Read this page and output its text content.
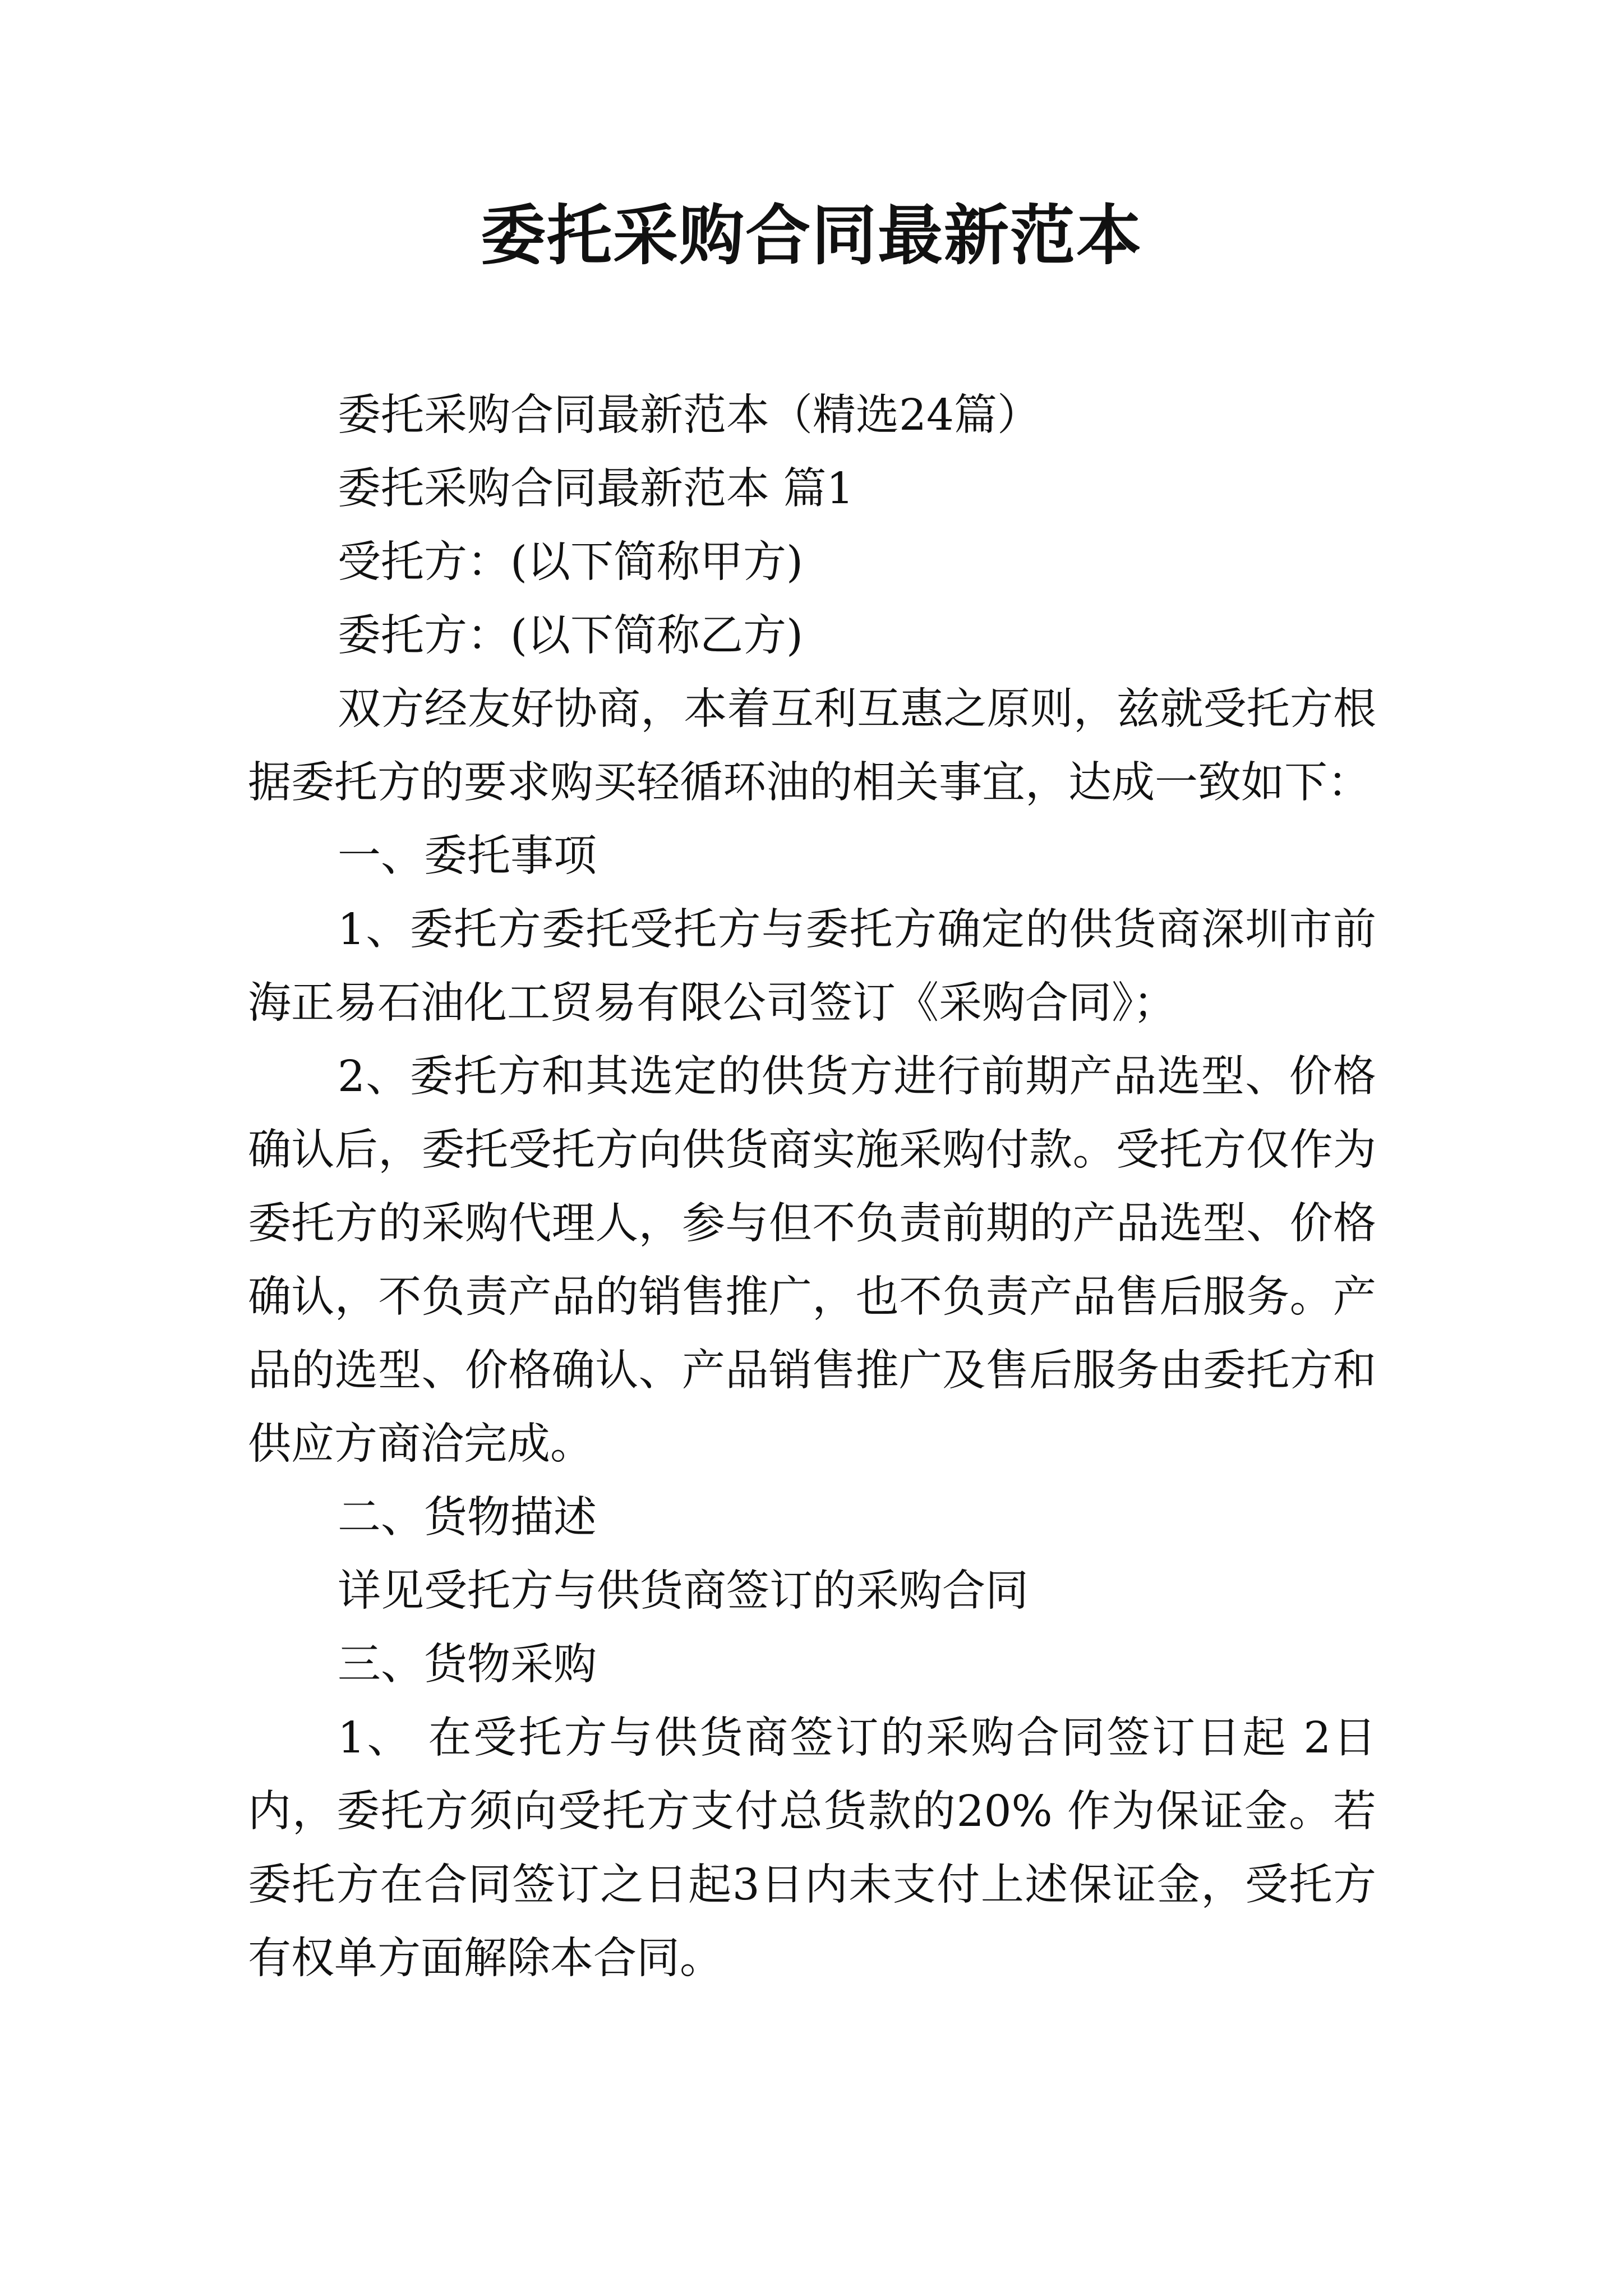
委托采购合同最新范本

委托采购合同最新范本（精选24篇）

委托采购合同最新范本 篇1

受托方：(以下简称甲方)

委托方：(以下简称乙方)

双方经友好协商，本着互利互惠之原则，兹就受托方根据委托方的要求购买轻循环油的相关事宜，达成一致如下：

一、委托事项

1、委托方委托受托方与委托方确定的供货商深圳市前海正易石油化工贸易有限公司签订《采购合同》；

2、委托方和其选定的供货方进行前期产品选型、价格确认后，委托受托方向供货商实施采购付款。受托方仅作为委托方的采购代理人，参与但不负责前期的产品选型、价格确认，不负责产品的销售推广，也不负责产品售后服务。产品的选型、价格确认、产品销售推广及售后服务由委托方和供应方商洽完成。

二、货物描述

详见受托方与供货商签订的采购合同

三、货物采购

1、 在受托方与供货商签订的采购合同签订日起 2日内，委托方须向受托方支付总货款的20% 作为保证金。若委托方在合同签订之日起3日内未支付上述保证金，受托方有权单方面解除本合同。
